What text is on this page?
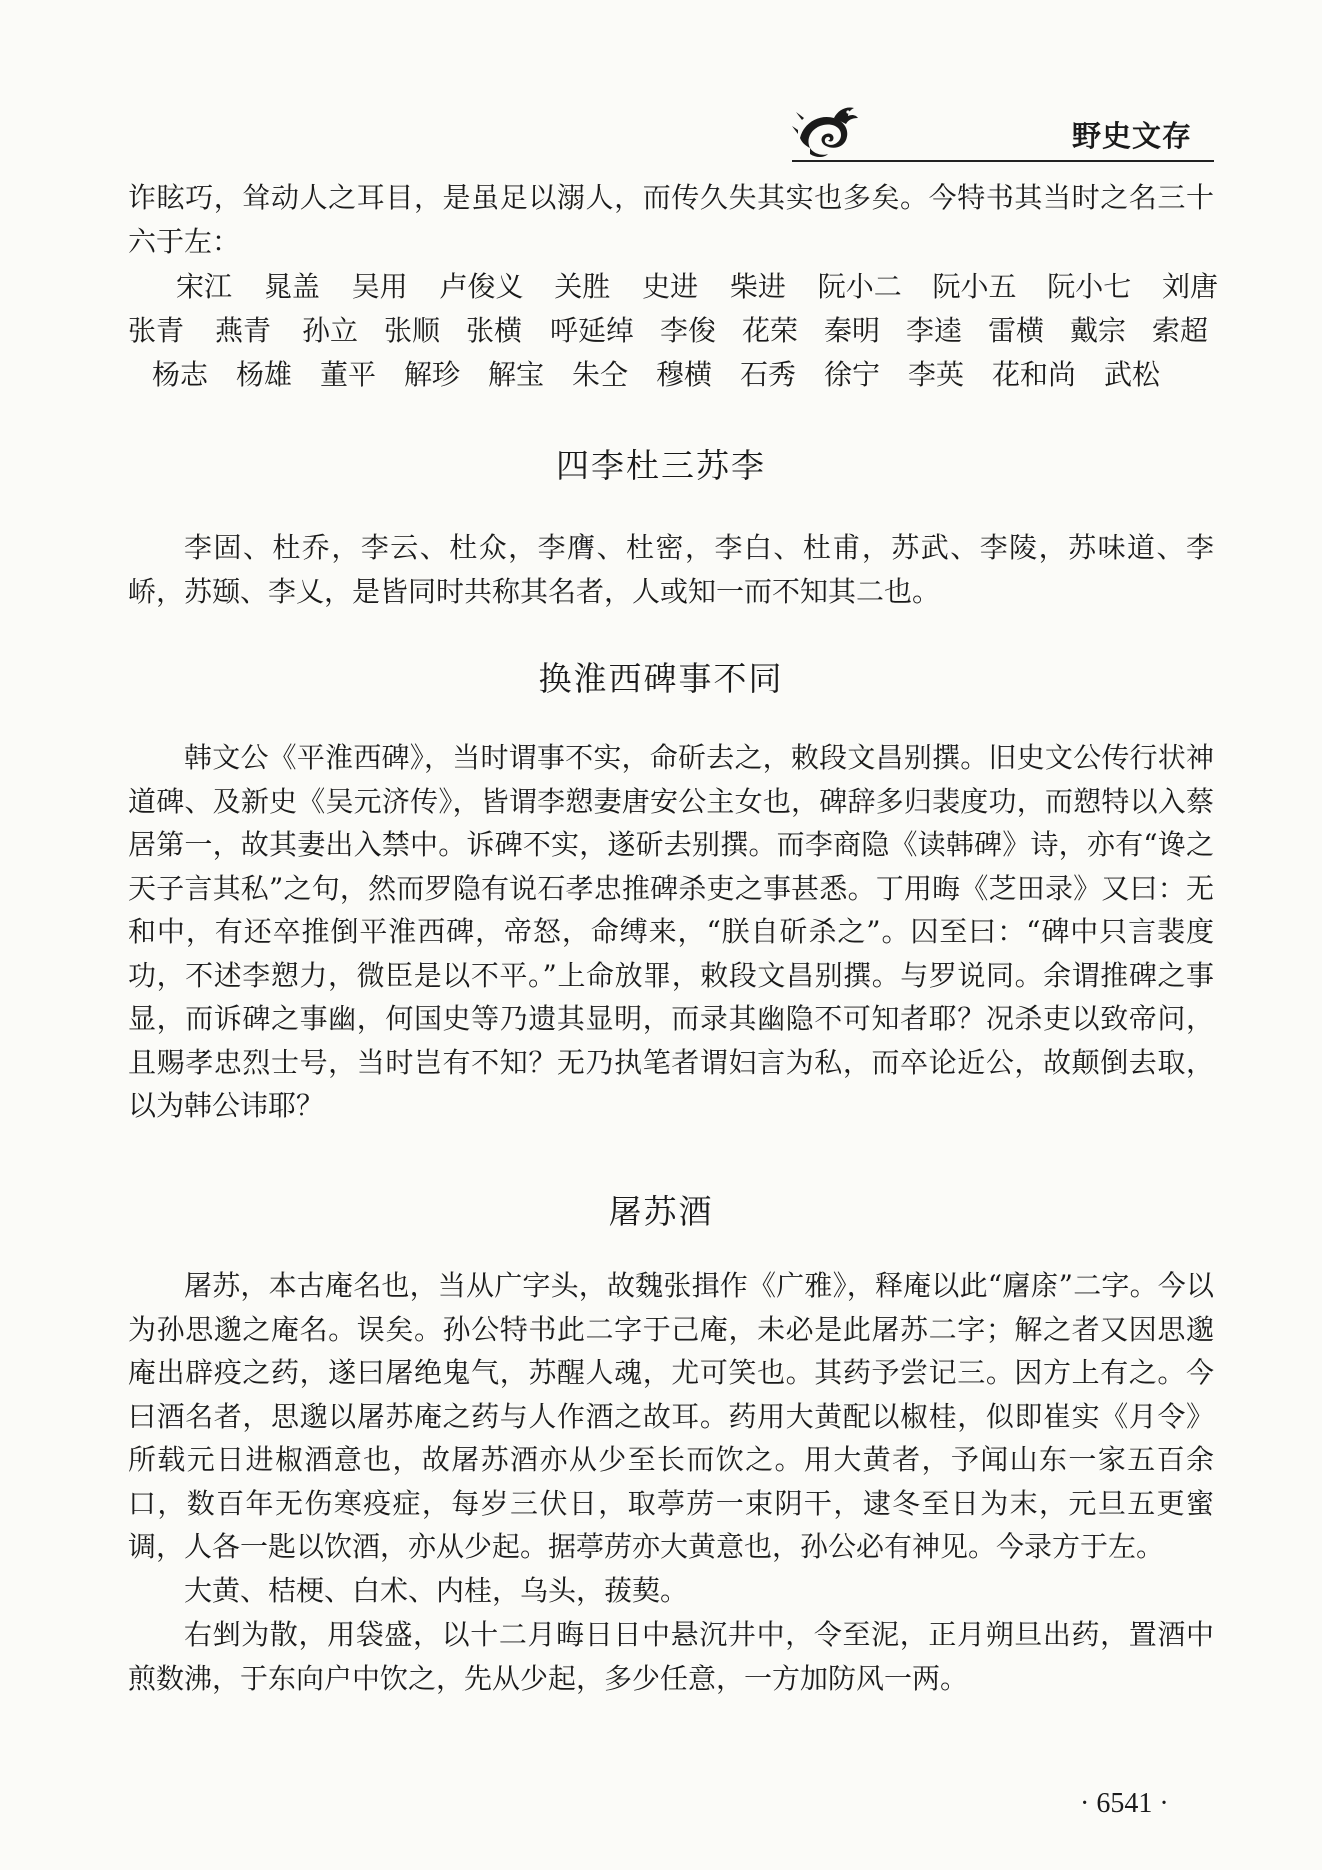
野史文存

诈眩巧，耸动人之耳目，是虽足以溺人，而传久失其实也多矣。今特书其当时之名三十六于左：

宋江	晁盖	吴用	卢俊义	关胜	史进	柴进	阮小二	阮小五	阮小七	刘唐
张青	燕青	孙立 张顺 张横 呼延绰 李俊 花荣 秦明 李逵 雷横 戴宗 索超
杨志 杨雄 董平 解珍 解宝 朱仝 穆横 石秀 徐宁 李英 花和尚 武松
四李杜三苏李

李固、杜乔，李云、杜众，李膺、杜密，李白、杜甫，苏武、李陵，苏味道、李峤，苏颋、李乂，是皆同时共称其名者，人或知一而不知其二也。

换淮西碑事不同

韩文公《平淮西碑》，当时谓事不实，命斫去之，敕段文昌别撰。旧史文公传行状神道碑、及新史《吴元济传》，皆谓李愬妻唐安公主女也，碑辞多归裴度功，而愬特以入蔡居第一，故其妻出入禁中。诉碑不实，遂斫去别撰。而李商隐《读韩碑》诗，亦有“谗之天子言其私”之句，然而罗隐有说石孝忠推碑杀吏之事甚悉。丁用晦《芝田录》又曰：无和中，有还卒推倒平淮西碑，帝怒，命缚来，“朕自斫杀之”。囚至曰：“碑中只言裴度功，不述李愬力，微臣是以不平。”上命放罪，敕段文昌别撰。与罗说同。余谓推碑之事显，而诉碑之事幽，何国史等乃遗其显明，而录其幽隐不可知者耶？况杀吏以致帝问，且赐孝忠烈士号，当时岂有不知？无乃执笔者谓妇言为私，而卒论近公，故颠倒去取，以为韩公讳耶？

屠苏酒

屠苏，本古庵名也，当从广字头，故魏张揖作《广雅》，释庵以此“廜庩”二字。今以为孙思邈之庵名。误矣。孙公特书此二字于己庵，未必是此屠苏二字；解之者又因思邈庵出辟疫之药，遂曰屠绝鬼气，苏醒人魂，尤可笑也。其药予尝记三。因方上有之。今曰酒名者，思邈以屠苏庵之药与人作酒之故耳。药用大黄配以椒桂，似即崔实《月令》所载元日进椒酒意也，故屠苏酒亦从少至长而饮之。用大黄者，予闻山东一家五百余口，数百年无伤寒疫症，每岁三伏日，取葶苈一束阴干，逮冬至日为末，元旦五更蜜调，人各一匙以饮酒，亦从少起。据葶苈亦大黄意也，孙公必有神见。今录方于左。

大黄、桔梗、白术、内桂，乌头，菝葜。

右剉为散，用袋盛，以十二月晦日日中悬沉井中，令至泥，正月朔旦出药，置酒中煎数沸，于东向户中饮之，先从少起，多少任意，一方加防风一两。

· 6541 ·
